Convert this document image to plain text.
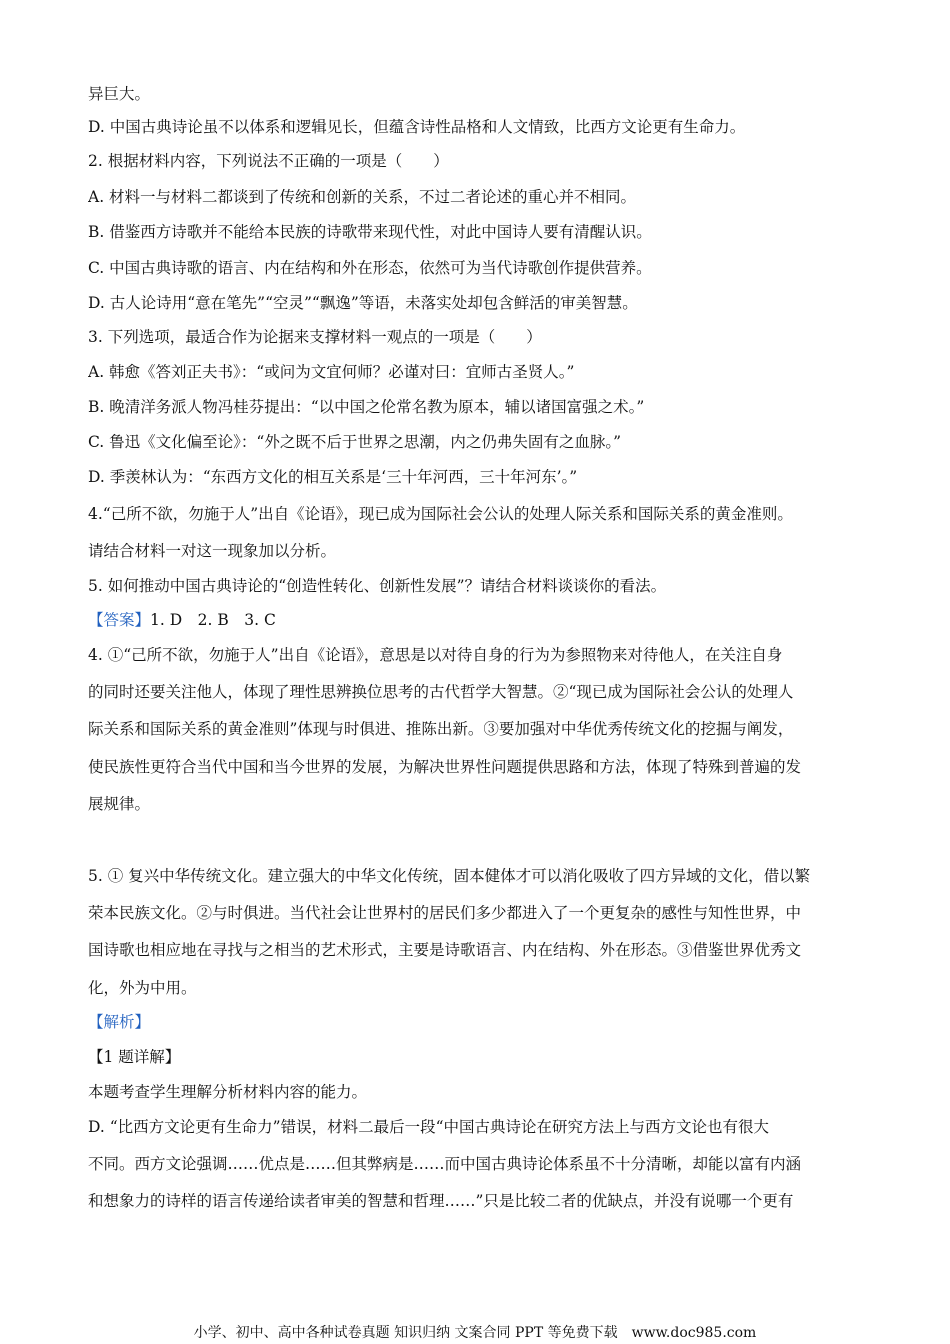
异巨大。
D. 中国古典诗论虽不以体系和逻辑见长，但蕴含诗性品格和人文情致，比西方文论更有生命力。
2. 根据材料内容，下列说法不正确的一项是（　　）
A. 材料一与材料二都谈到了传统和创新的关系，不过二者论述的重心并不相同。
B. 借鉴西方诗歌并不能给本民族的诗歌带来现代性，对此中国诗人要有清醒认识。
C. 中国古典诗歌的语言、内在结构和外在形态，依然可为当代诗歌创作提供营养。
D. 古人论诗用“意在笔先”“空灵”“飘逸”等语，未落实处却包含鲜活的审美智慧。
3. 下列选项，最适合作为论据来支撑材料一观点的一项是（　　）
A. 韩愈《答刘正夫书》：“或问为文宜何师？必谨对曰：宜师古圣贤人。”
B. 晚清洋务派人物冯桂芬提出：“以中国之伦常名教为原本，辅以诸国富强之术。”
C. 鲁迅《文化偏至论》：“外之既不后于世界之思潮，内之仍弗失固有之血脉。”
D. 季羡林认为：“东西方文化的相互关系是‘三十年河西，三十年河东’。”
4.“己所不欲，勿施于人”出自《论语》，现已成为国际社会公认的处理人际关系和国际关系的黄金准则。
请结合材料一对这一现象加以分析。
5. 如何推动中国古典诗论的“创造性转化、创新性发展”？请结合材料谈谈你的看法。
【答案】1. D　2. B　3. C
4. ①“己所不欲，勿施于人”出自《论语》，意思是以对待自身的行为为参照物来对待他人，在关注自身
的同时还要关注他人，体现了理性思辨换位思考的古代哲学大智慧。②“现已成为国际社会公认的处理人
际关系和国际关系的黄金准则”体现与时俱进、推陈出新。③要加强对中华优秀传统文化的挖掘与阐发，
使民族性更符合当代中国和当今世界的发展，为解决世界性问题提供思路和方法，体现了特殊到普遍的发
展规律。
5. ① 复兴中华传统文化。建立强大的中华文化传统，固本健体才可以消化吸收了四方异域的文化，借以繁
荣本民族文化。②与时俱进。当代社会让世界村的居民们多少都进入了一个更复杂的感性与知性世界，中
国诗歌也相应地在寻找与之相当的艺术形式，主要是诗歌语言、内在结构、外在形态。③借鉴世界优秀文
化，外为中用。
【解析】
【1 题详解】
本题考查学生理解分析材料内容的能力。
D. “比西方文论更有生命力”错误，材料二最后一段“中国古典诗论在研究方法上与西方文论也有很大
不同。西方文论强调……优点是……但其弊病是……而中国古典诗论体系虽不十分清晰，却能以富有内涵
和想象力的诗样的语言传递给读者审美的智慧和哲理……”只是比较二者的优缺点，并没有说哪一个更有
小学、初中、高中各种试卷真题 知识归纳 文案合同 PPT 等免费下载　www.doc985.com
